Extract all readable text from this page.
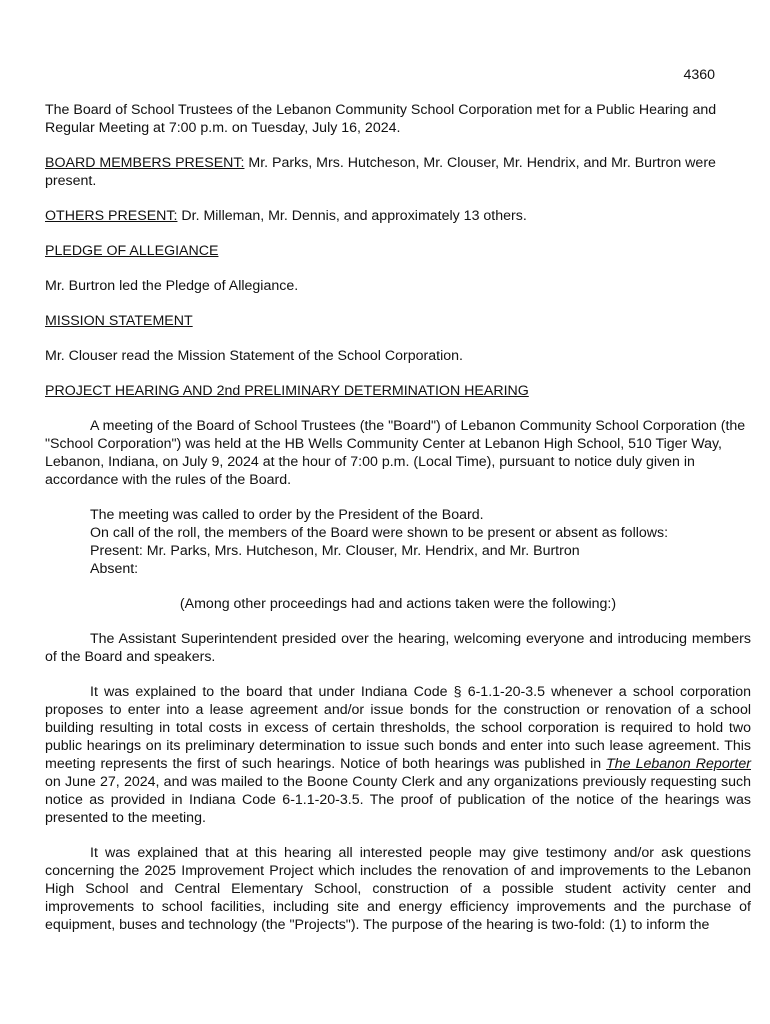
4360

The Board of School Trustees of the Lebanon Community School Corporation met for a Public Hearing and Regular Meeting at 7:00 p.m. on Tuesday, July 16, 2024.

BOARD MEMBERS PRESENT: Mr. Parks, Mrs. Hutcheson, Mr. Clouser, Mr. Hendrix, and Mr. Burtron were present.

OTHERS PRESENT: Dr. Milleman, Mr. Dennis, and approximately 13 others.

PLEDGE OF ALLEGIANCE

Mr. Burtron led the Pledge of Allegiance.

MISSION STATEMENT

Mr. Clouser read the Mission Statement of the School Corporation.

PROJECT HEARING AND 2nd PRELIMINARY DETERMINATION HEARING

A meeting of the Board of School Trustees (the "Board") of Lebanon Community School Corporation (the "School Corporation") was held at the HB Wells Community Center at Lebanon High School, 510 Tiger Way, Lebanon, Indiana, on July 9, 2024 at the hour of 7:00 p.m. (Local Time), pursuant to notice duly given in accordance with the rules of the Board.

The meeting was called to order by the President of the Board.
On call of the roll, the members of the Board were shown to be present or absent as follows:
Present: Mr. Parks, Mrs. Hutcheson, Mr. Clouser, Mr. Hendrix, and Mr. Burtron
Absent:
(Among other proceedings had and actions taken were the following:)

The Assistant Superintendent presided over the hearing, welcoming everyone and introducing members of the Board and speakers.

It was explained to the board that under Indiana Code § 6-1.1-20-3.5 whenever a school corporation proposes to enter into a lease agreement and/or issue bonds for the construction or renovation of a school building resulting in total costs in excess of certain thresholds, the school corporation is required to hold two public hearings on its preliminary determination to issue such bonds and enter into such lease agreement. This meeting represents the first of such hearings. Notice of both hearings was published in The Lebanon Reporter on June 27, 2024, and was mailed to the Boone County Clerk and any organizations previously requesting such notice as provided in Indiana Code 6-1.1-20-3.5. The proof of publication of the notice of the hearings was presented to the meeting.

It was explained that at this hearing all interested people may give testimony and/or ask questions concerning the 2025 Improvement Project which includes the renovation of and improvements to the Lebanon High School and Central Elementary School, construction of a possible student activity center and improvements to school facilities, including site and energy efficiency improvements and the purchase of equipment, buses and technology (the "Projects"). The purpose of the hearing is two-fold: (1) to inform the
